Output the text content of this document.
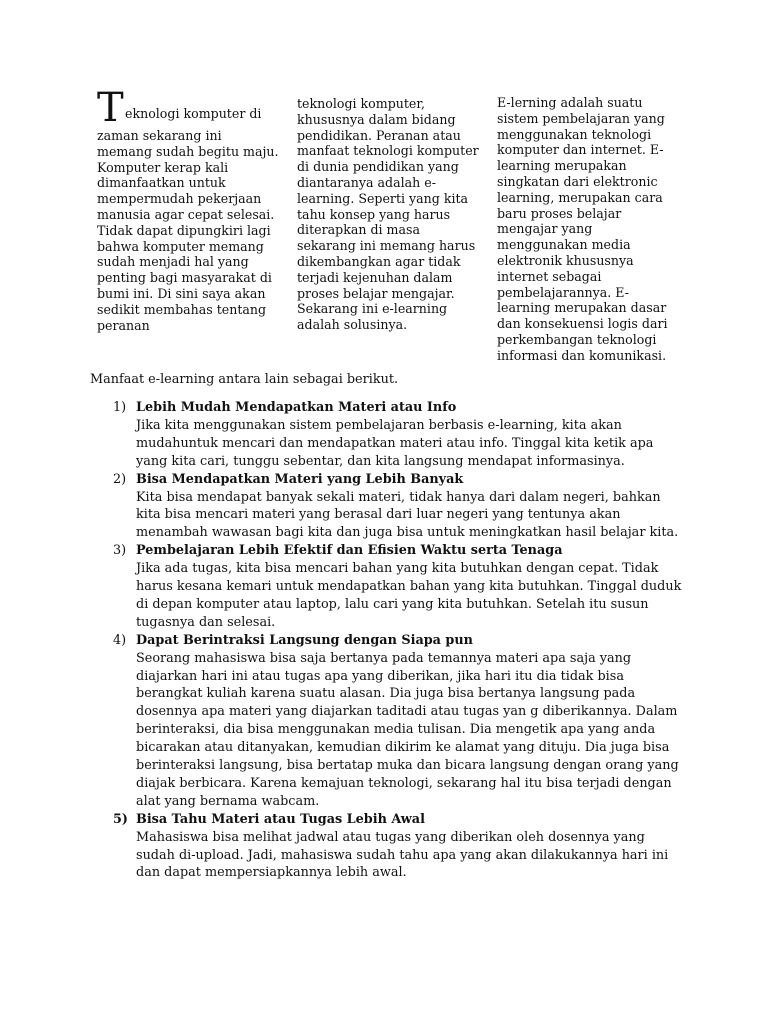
T eknologi komputer di
zaman sekarang ini
memang sudah begitu maju.
Komputer kerap kali
dimanfaatkan untuk
mempermudah pekerjaan
manusia agar cepat selesai.
Tidak dapat dipungkiri lagi
bahwa komputer memang
sudah menjadi hal yang
penting bagi masyarakat di
bumi ini. Di sini saya akan
sedikit membahas tentang
peranan
teknologi komputer,
khususnya dalam bidang
pendidikan. Peranan atau
manfaat teknologi komputer
di dunia pendidikan yang
diantaranya adalah e-
learning. Seperti yang kita
tahu konsep yang harus
diterapkan di masa
sekarang ini memang harus
dikembangkan agar tidak
terjadi kejenuhan dalam
proses belajar mengajar.
Sekarang ini e-learning
adalah solusinya.
E-lerning adalah suatu
sistem pembelajaran yang
menggunakan teknologi
komputer dan internet. E-
learning merupakan
singkatan dari elektronic
learning, merupakan cara
baru proses belajar
mengajar yang
menggunakan media
elektronik khususnya
internet sebagai
pembelajarannya. E-
learning merupakan dasar
dan konsekuensi logis dari
perkembangan teknologi
informasi dan komunikasi.
Manfaat e-learning antara lain sebagai berikut.
1) Lebih Mudah Mendapatkan Materi atau Info
Jika kita menggunakan sistem pembelajaran berbasis e-learning, kita akan
mudahuntuk mencari dan mendapatkan materi atau info. Tinggal kita ketik apa
yang kita cari, tunggu sebentar, dan kita langsung mendapat informasinya.
2) Bisa Mendapatkan Materi yang Lebih Banyak
Kita bisa mendapat banyak sekali materi, tidak hanya dari dalam negeri, bahkan
kita bisa mencari materi yang berasal dari luar negeri yang tentunya akan
menambah wawasan bagi kita dan juga bisa untuk meningkatkan hasil belajar kita.
3) Pembelajaran Lebih Efektif dan Efisien Waktu serta Tenaga
Jika ada tugas, kita bisa mencari bahan yang kita butuhkan dengan cepat. Tidak
harus kesana kemari untuk mendapatkan bahan yang kita butuhkan. Tinggal duduk
di depan komputer atau laptop, lalu cari yang kita butuhkan. Setelah itu susun
tugasnya dan selesai.
4) Dapat Berintraksi Langsung dengan Siapa pun
Seorang mahasiswa bisa saja bertanya pada temannya materi apa saja yang
diajarkan hari ini atau tugas apa yang diberikan, jika hari itu dia tidak bisa
berangkat kuliah karena suatu alasan. Dia juga bisa bertanya langsung pada
dosennya apa materi yang diajarkan taditadi atau tugas yan g diberikannya. Dalam
berinteraksi, dia bisa menggunakan media tulisan. Dia mengetik apa yang anda
bicarakan atau ditanyakan, kemudian dikirim ke alamat yang dituju. Dia juga bisa
berinteraksi langsung, bisa bertatap muka dan bicara langsung dengan orang yang
diajak berbicara. Karena kemajuan teknologi, sekarang hal itu bisa terjadi dengan
alat yang bernama wabcam.
5) Bisa Tahu Materi atau Tugas Lebih Awal
Mahasiswa bisa melihat jadwal atau tugas yang diberikan oleh dosennya yang
sudah di-upload. Jadi, mahasiswa sudah tahu apa yang akan dilakukannya hari ini
dan dapat mempersiapkannya lebih awal.
